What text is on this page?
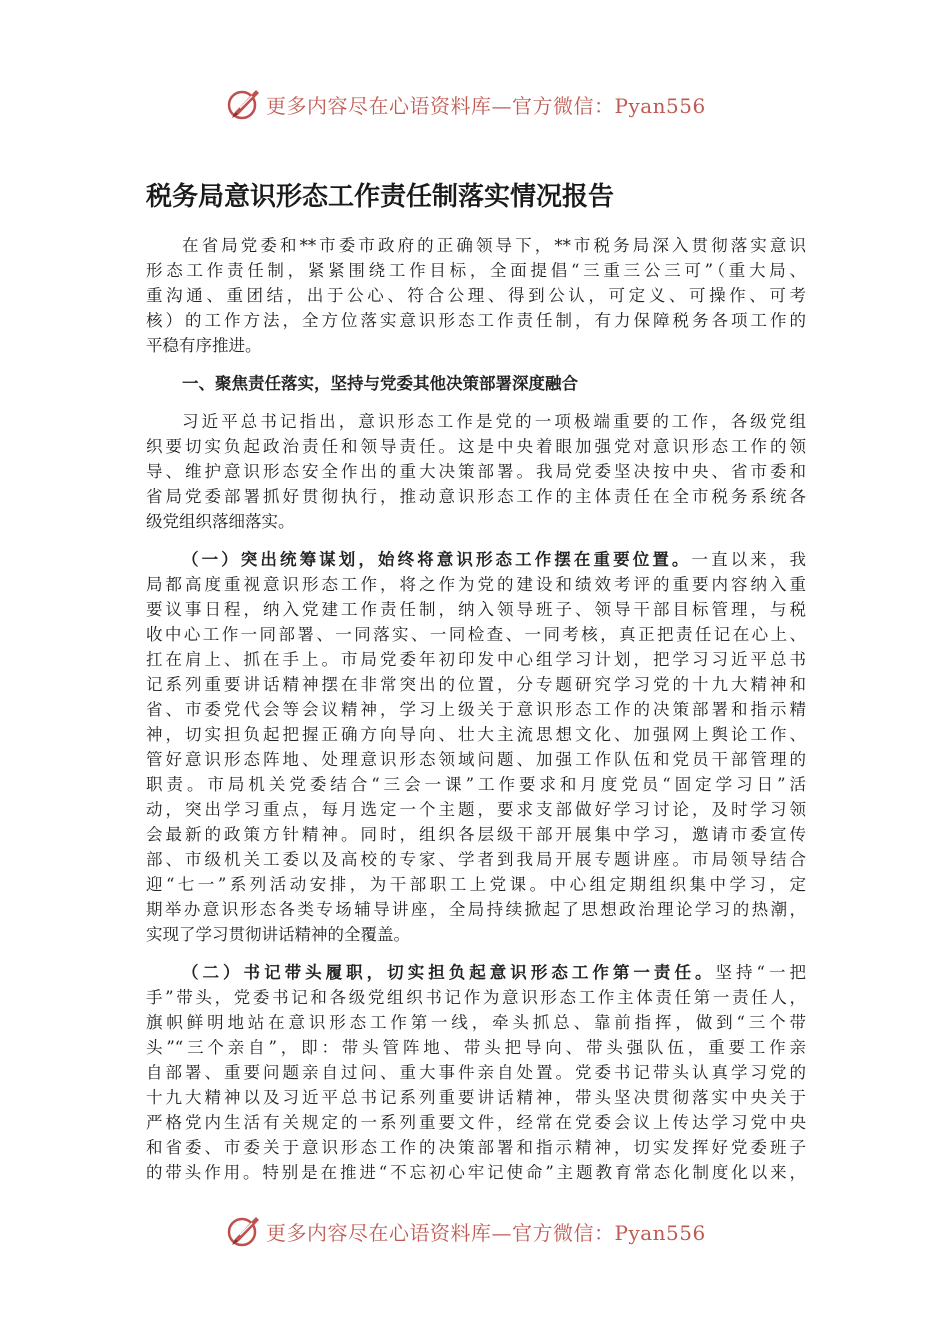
更多内容尽在心语资料库—官方微信：Pyan556
税务局意识形态工作责任制落实情况报告
在省局党委和**市委市政府的正确领导下，**市税务局深入贯彻落实意识
形态工作责任制，紧紧围绕工作目标，全面提倡“三重三公三可”（重大局、
重沟通、重团结，出于公心、符合公理、得到公认，可定义、可操作、可考
核）的工作方法，全方位落实意识形态工作责任制，有力保障税务各项工作的
平稳有序推进。
一、聚焦责任落实，坚持与党委其他决策部署深度融合
习近平总书记指出，意识形态工作是党的一项极端重要的工作，各级党组
织要切实负起政治责任和领导责任。这是中央着眼加强党对意识形态工作的领
导、维护意识形态安全作出的重大决策部署。我局党委坚决按中央、省市委和
省局党委部署抓好贯彻执行，推动意识形态工作的主体责任在全市税务系统各
级党组织落细落实。
（一）突出统筹谋划，始终将意识形态工作摆在重要位置。一直以来，我
局都高度重视意识形态工作，将之作为党的建设和绩效考评的重要内容纳入重
要议事日程，纳入党建工作责任制，纳入领导班子、领导干部目标管理，与税
收中心工作一同部署、一同落实、一同检查、一同考核，真正把责任记在心上、
扛在肩上、抓在手上。市局党委年初印发中心组学习计划，把学习习近平总书
记系列重要讲话精神摆在非常突出的位置，分专题研究学习党的十九大精神和
省、市委党代会等会议精神，学习上级关于意识形态工作的决策部署和指示精
神，切实担负起把握正确方向导向、壮大主流思想文化、加强网上舆论工作、
管好意识形态阵地、处理意识形态领域问题、加强工作队伍和党员干部管理的
职责。市局机关党委结合“三会一课”工作要求和月度党员“固定学习日”活
动，突出学习重点，每月选定一个主题，要求支部做好学习讨论，及时学习领
会最新的政策方针精神。同时，组织各层级干部开展集中学习，邀请市委宣传
部、市级机关工委以及高校的专家、学者到我局开展专题讲座。市局领导结合
迎“七一”系列活动安排，为干部职工上党课。中心组定期组织集中学习，定
期举办意识形态各类专场辅导讲座，全局持续掀起了思想政治理论学习的热潮，
实现了学习贯彻讲话精神的全覆盖。
（二）书记带头履职，切实担负起意识形态工作第一责任。坚持“一把
手”带头，党委书记和各级党组织书记作为意识形态工作主体责任第一责任人，
旗帜鲜明地站在意识形态工作第一线，牵头抓总、靠前指挥，做到“三个带
头”“三个亲自”，即：带头管阵地、带头把导向、带头强队伍，重要工作亲
自部署、重要问题亲自过问、重大事件亲自处置。党委书记带头认真学习党的
十九大精神以及习近平总书记系列重要讲话精神，带头坚决贯彻落实中央关于
严格党内生活有关规定的一系列重要文件，经常在党委会议上传达学习党中央
和省委、市委关于意识形态工作的决策部署和指示精神，切实发挥好党委班子
的带头作用。特别是在推进“不忘初心牢记使命”主题教育常态化制度化以来，
更多内容尽在心语资料库—官方微信：Pyan556
